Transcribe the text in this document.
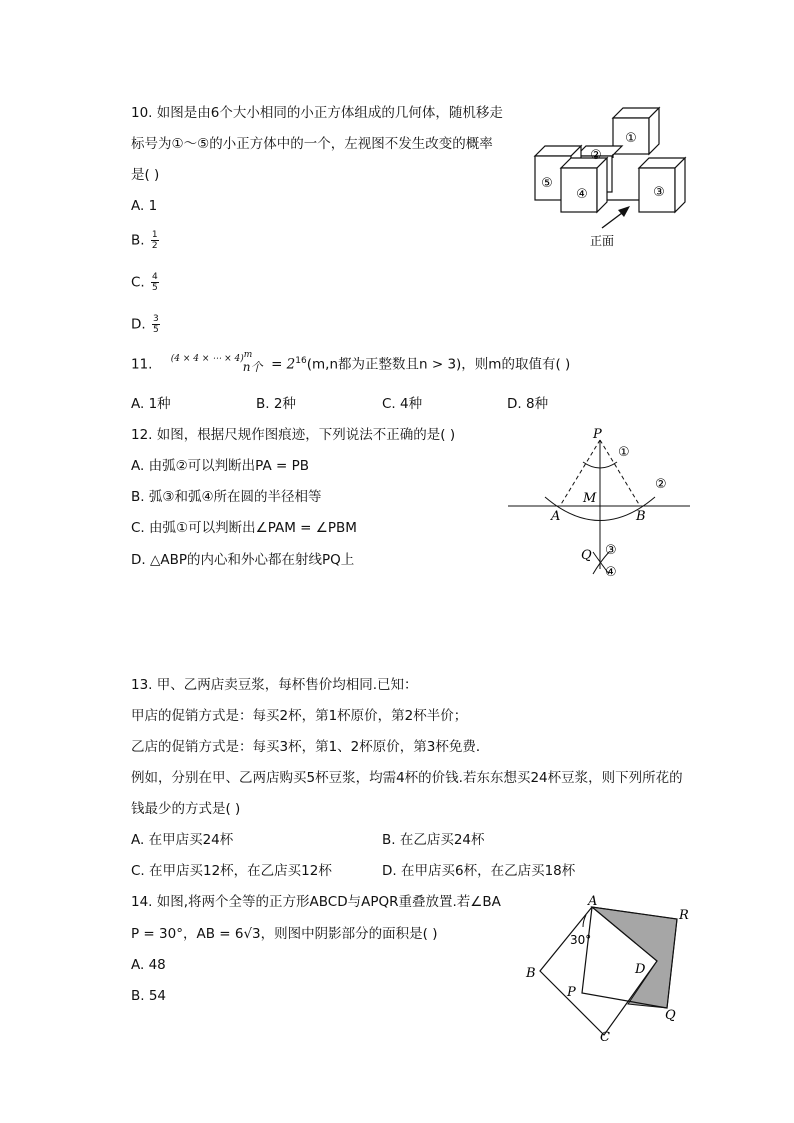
10. 如图是由6个大小相同的小正方体组成的几何体，随机移走
标号为①～⑤的小正方体中的一个，左视图不发生改变的概率
是( )
A. 1
B. $\frac{1}{2}$
C. $\frac{4}{5}$
D. $\frac{3}{5}$
①
②
⑤
④	③
正面
11. (4 × 4 × ⋯ × 4)m
n个 = $2^{16}(m,n$都为正整数且n > 3)，则m的取值有( )
A. 1种	B. 2种	C. 4种	D. 8种
12. 如图，根据尺规作图痕迹，下列说法不正确的是( )
A. 由弧②可以判断出PA = PB
B. 弧③和弧④所在圆的半径相等
C. 由弧①可以判断出∠PAM = ∠PBM
D. △ABP的内心和外心都在射线PQ上
P
①
②
M
A	B
Q ③
④
13. 甲、乙两店卖豆浆，每杯售价均相同.已知：
甲店的促销方式是：每买2杯，第1杯原价，第2杯半价；
乙店的促销方式是：每买3杯，第1、2杯原价，第3杯免费．
例如，分别在甲、乙两店购买5杯豆浆，均需4杯的价钱.若东东想买24杯豆浆，则下列所花的
钱最少的方式是( )
A. 在甲店买24杯	B. 在乙店买24杯
C. 在甲店买12杯，在乙店买12杯	D. 在甲店买6杯，在乙店买18杯
14. 如图,将两个全等的正方形ABCD与APQR重叠放置.若∠BA
P = 30°，AB = 6√3，则图中阴影部分的面积是( )
A. 48
B. 54
A
R
30°
B	D
P
Q
C
